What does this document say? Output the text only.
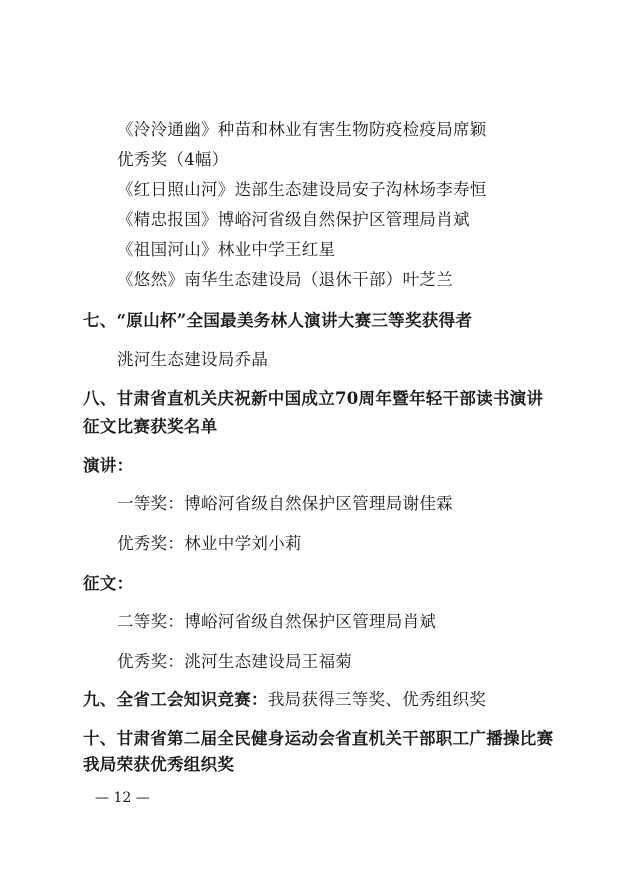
《泠泠通幽》种苗和林业有害生物防疫检疫局席颖
优秀奖（4幅）
《红日照山河》迭部生态建设局安子沟林场李寿恒
《精忠报国》博峪河省级自然保护区管理局肖斌
《祖国河山》林业中学王红星
《悠然》南华生态建设局（退休干部）叶芝兰
七、“原山杯”全国最美务林人演讲大赛三等奖获得者
洮河生态建设局乔晶
八、甘肃省直机关庆祝新中国成立70周年暨年轻干部读书演讲
征文比赛获奖名单
演讲：
一等奖：博峪河省级自然保护区管理局谢佳霖
优秀奖：林业中学刘小莉
征文：
二等奖：博峪河省级自然保护区管理局肖斌
优秀奖：洮河生态建设局王福菊
九、全省工会知识竞赛：我局获得三等奖、优秀组织奖
十、甘肃省第二届全民健身运动会省直机关干部职工广播操比赛
我局荣获优秀组织奖
— 12 —
